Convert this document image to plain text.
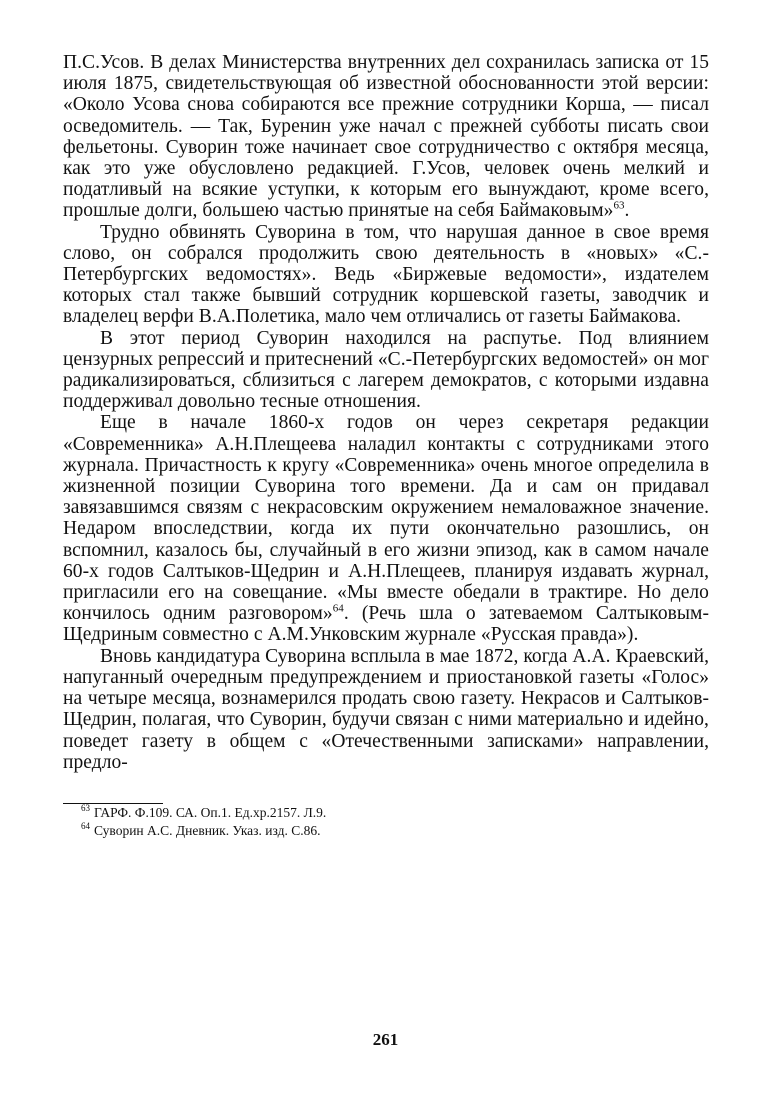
П.С.Усов. В делах Министерства внутренних дел сохранилась записка от 15 июля 1875, свидетельствующая об известной обоснованности этой версии: «Около Усова снова собираются все прежние сотрудники Корша, — писал осведомитель. — Так, Буренин уже начал с прежней субботы писать свои фельетоны. Суворин тоже начинает свое сотрудничество с октября месяца, как это уже обусловлено редакцией. Г.Усов, человек очень мелкий и податливый на всякие уступки, к которым его вынуждают, кроме всего, прошлые долги, большею частью принятые на себя Баймаковым»$^{63}$.

Трудно обвинять Суворина в том, что нарушая данное в свое время слово, он собрался продолжить свою деятельность в «новых» «С.-Петербургских ведомостях». Ведь «Биржевые ведомости», издателем которых стал также бывший сотрудник коршевской газеты, заводчик и владелец верфи В.А.Полетика, мало чем отличались от газеты Баймакова.

В этот период Суворин находился на распутье. Под влиянием цензурных репрессий и притеснений «С.-Петербургских ведомостей» он мог радикализироваться, сблизиться с лагерем демократов, с которыми издавна поддерживал довольно тесные отношения.

Еще в начале 1860-х годов он через секретаря редакции «Современника» А.Н.Плещеева наладил контакты с сотрудниками этого журнала. Причастность к кругу «Современника» очень многое определила в жизненной позиции Суворина того времени. Да и сам он придавал завязавшимся связям с некрасовским окружением немаловажное значение. Недаром впоследствии, когда их пути окончательно разошлись, он вспомнил, казалось бы, случайный в его жизни эпизод, как в самом начале 60-х годов Салтыков-Щедрин и А.Н.Плещеев, планируя издавать журнал, пригласили его на совещание. «Мы вместе обедали в трактире. Но дело кончилось одним разговором»$^{64}$. (Речь шла о затеваемом Салтыковым-Щедриным совместно с А.М.Унковским журнале «Русская правда»).

Вновь кандидатура Суворина всплыла в мае 1872, когда А.А. Краевский, напуганный очередным предупреждением и приостановкой газеты «Голос» на четыре месяца, вознамерился продать свою газету. Некрасов и Салтыков-Щедрин, полагая, что Суворин, будучи связан с ними материально и идейно, поведет газету в общем с «Отечественными записками» направлении, предло-

$^{63}$ ГАРФ. Ф.109. СА. Оп.1. Ед.хр.2157. Л.9.

$^{64}$ Суворин А.С. Дневник. Указ. изд. С.86.

261
